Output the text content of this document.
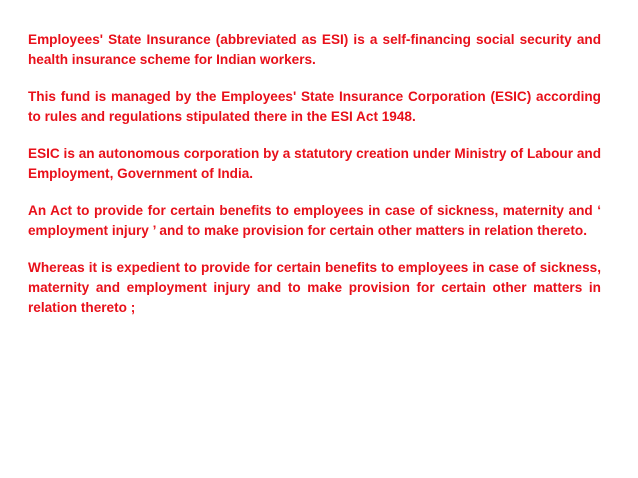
Employees' State Insurance (abbreviated as ESI) is a self-financing social security and health insurance scheme for Indian workers.

This fund is managed by the Employees' State Insurance Corporation (ESIC) according to rules and regulations stipulated there in the ESI Act 1948.

ESIC is an autonomous corporation by a statutory creation under Ministry of Labour and Employment, Government of India.

An Act to provide for certain benefits to employees in case of sickness, maternity and ‘ employment injury ’ and to make provision for certain other matters in relation thereto.

Whereas it is expedient to provide for certain benefits to employees in case of sickness, maternity and employment injury and to make provision for certain other matters in relation thereto ;
